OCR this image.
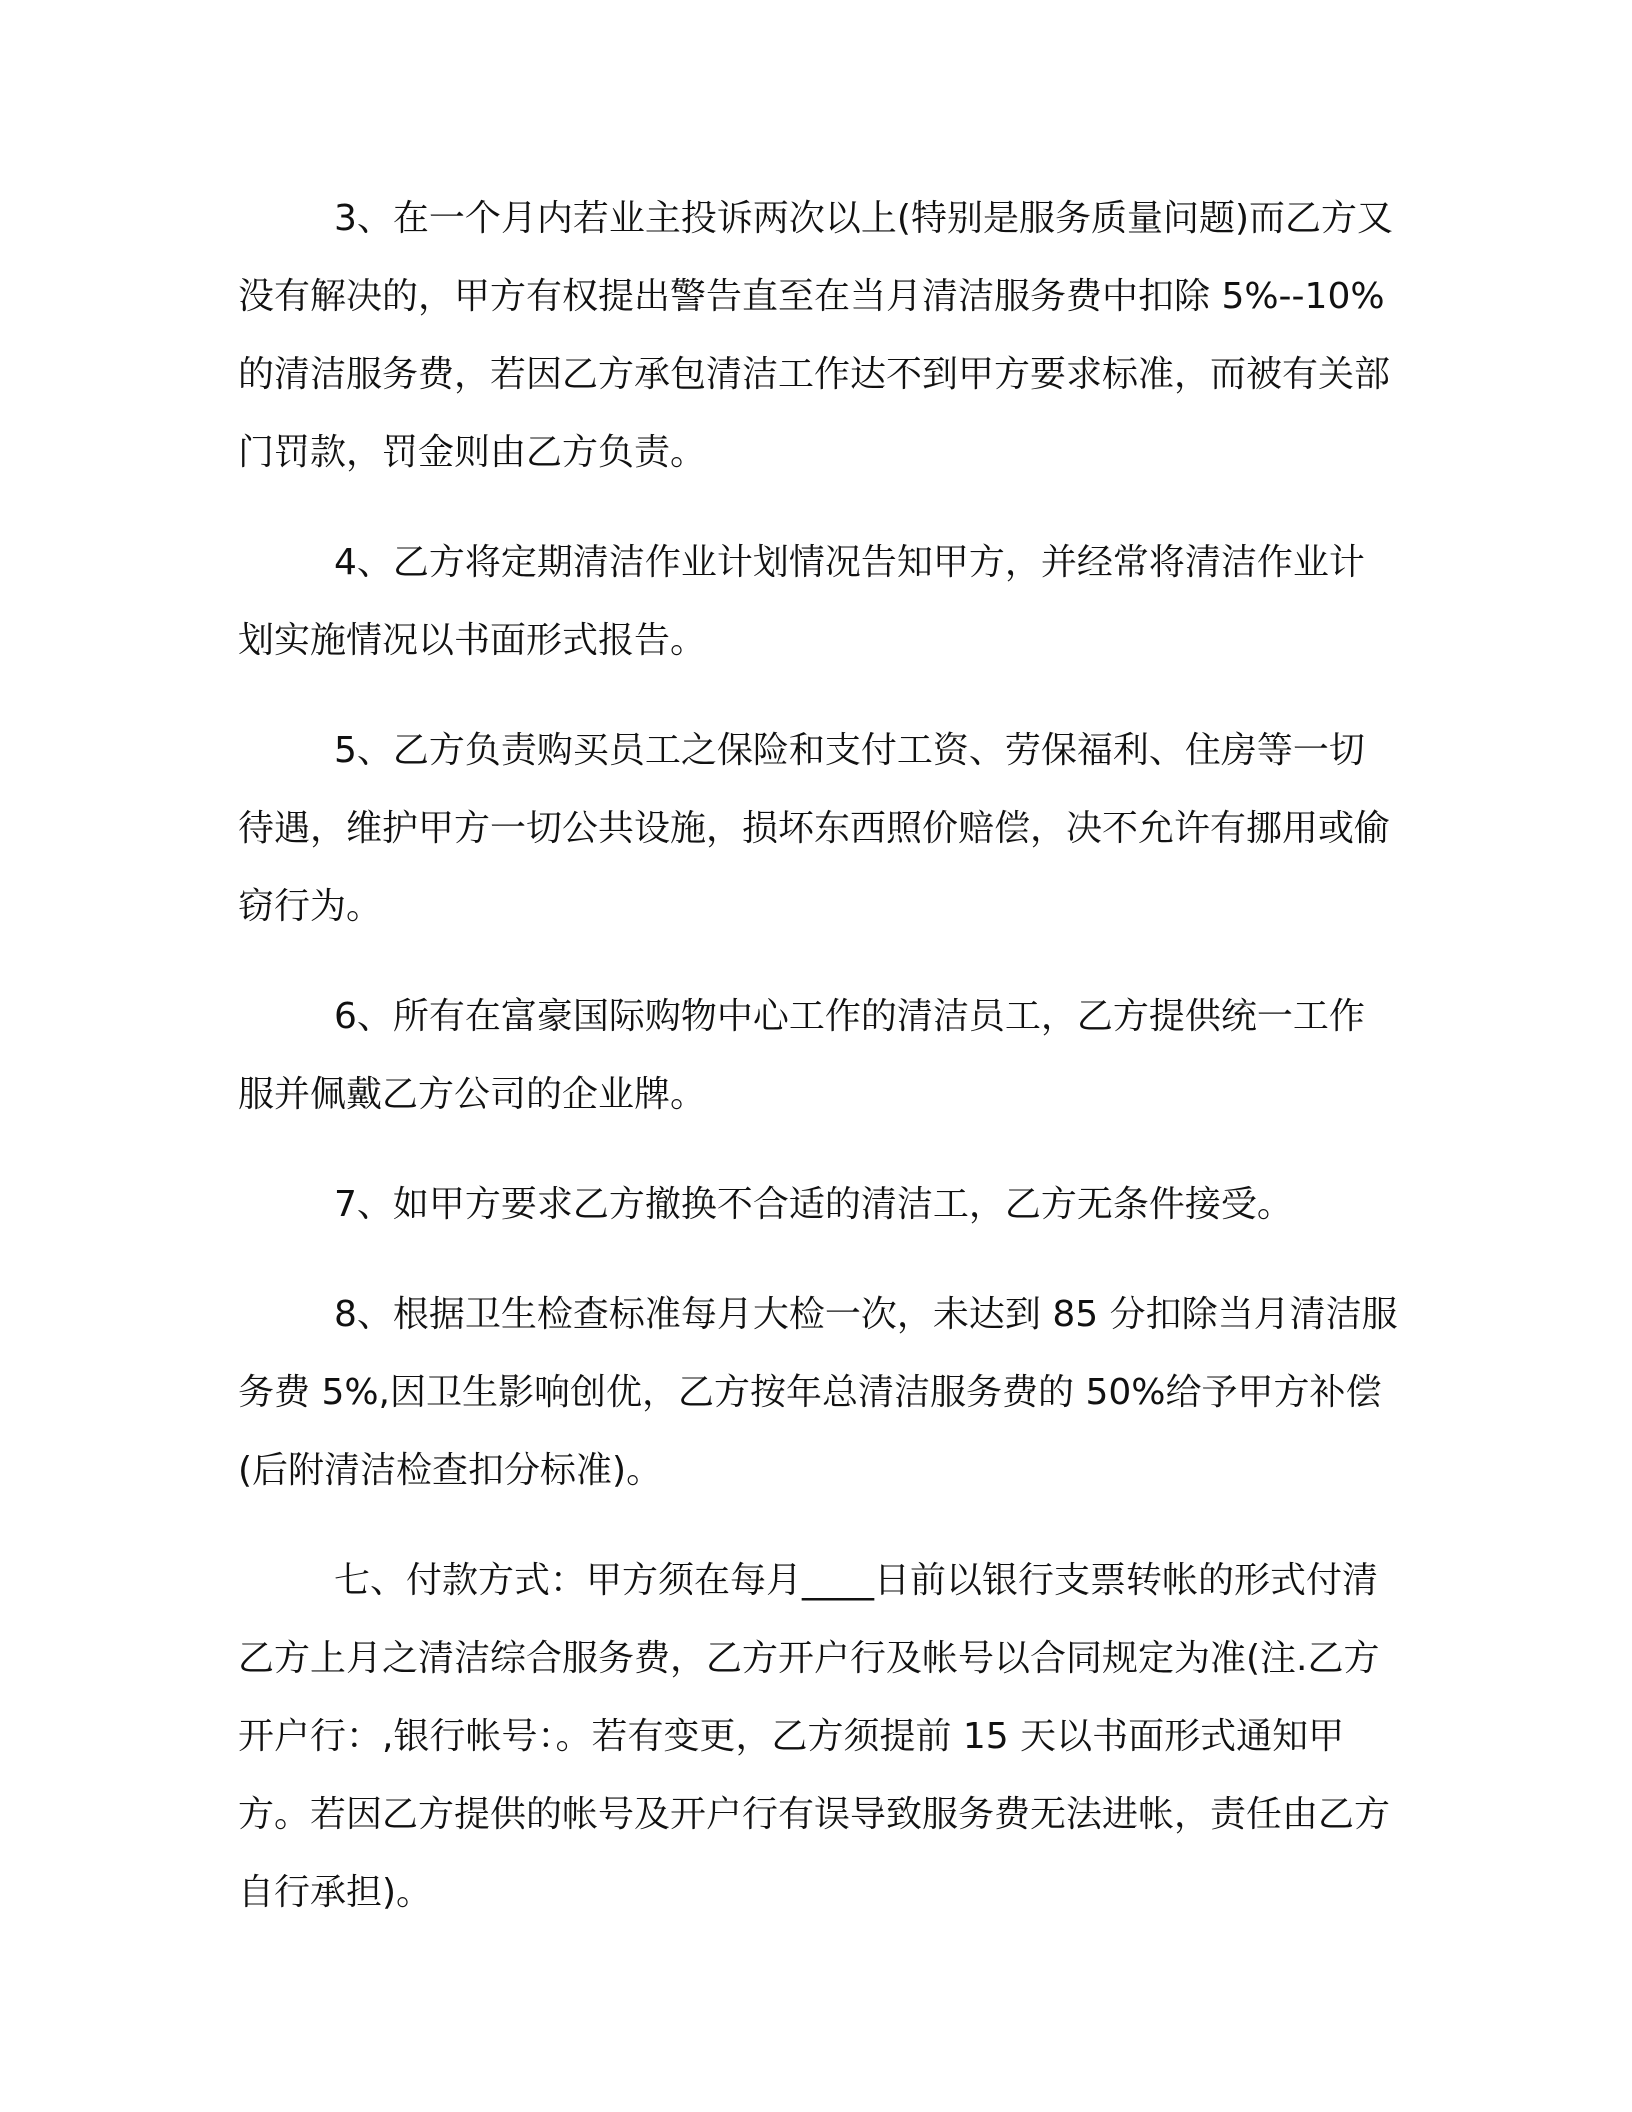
3、在一个月内若业主投诉两次以上(特别是服务质量问题)而乙方又没有解决的，甲方有权提出警告直至在当月清洁服务费中扣除 5%--10%的清洁服务费，若因乙方承包清洁工作达不到甲方要求标准，而被有关部门罚款，罚金则由乙方负责。

4、乙方将定期清洁作业计划情况告知甲方，并经常将清洁作业计划实施情况以书面形式报告。

5、乙方负责购买员工之保险和支付工资、劳保福利、住房等一切待遇，维护甲方一切公共设施，损坏东西照价赔偿，决不允许有挪用或偷窃行为。

6、所有在富豪国际购物中心工作的清洁员工，乙方提供统一工作服并佩戴乙方公司的企业牌。

7、如甲方要求乙方撤换不合适的清洁工，乙方无条件接受。

8、根据卫生检查标准每月大检一次，未达到 85 分扣除当月清洁服务费 5%,因卫生影响创优，乙方按年总清洁服务费的 50%给予甲方补偿(后附清洁检查扣分标准)。

七、付款方式：甲方须在每月____日前以银行支票转帐的形式付清乙方上月之清洁综合服务费，乙方开户行及帐号以合同规定为准(注.乙方开户行：,银行帐号：。若有变更，乙方须提前 15 天以书面形式通知甲方。若因乙方提供的帐号及开户行有误导致服务费无法进帐，责任由乙方自行承担)。
